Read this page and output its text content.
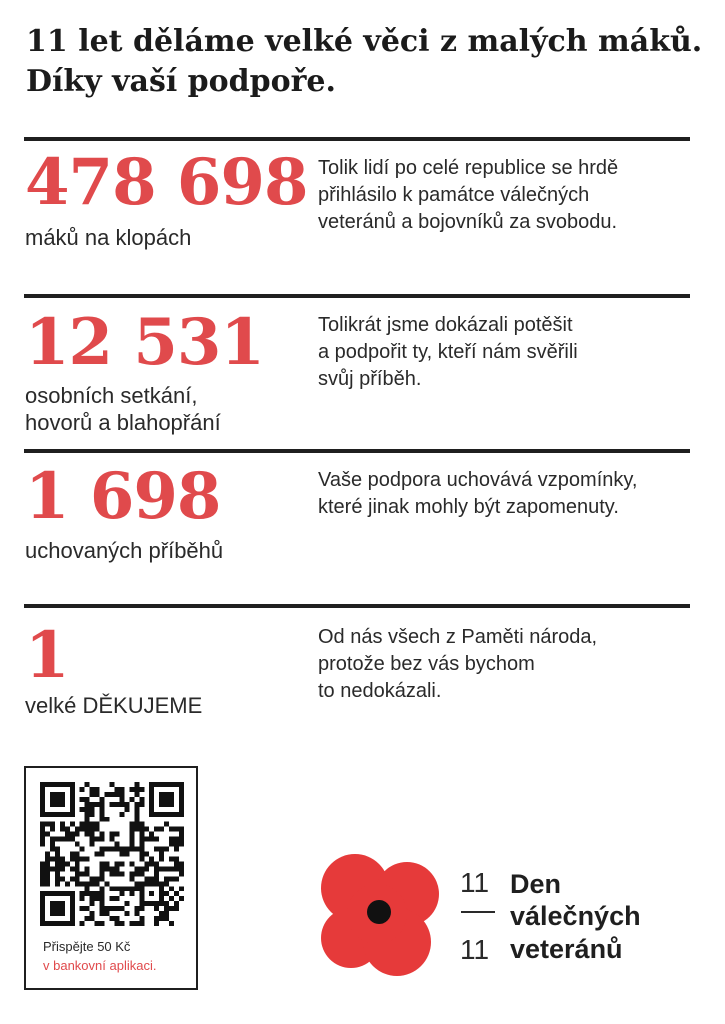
11 let děláme velké věci z malých máků.
Díky vaší podpoře.
478 698
máků na klopách
Tolik lidí po celé republice se hrdě
přihlásilo k památce válečných
veteránů a bojovníků za svobodu.
12 531
osobních setkání,
hovorů a blahopřání
Tolikrát jsme dokázali potěšit
a podpořit ty, kteří nám svěřili
svůj příběh.
1 698
uchovaných příběhů
Vaše podpora uchovává vzpomínky,
které jinak mohly být zapomenuty.
1
velké DĚKUJEME
Od nás všech z Paměti národa,
protože bez vás bychom
to nedokázali.
Přispějte 50 Kč
v bankovní aplikaci.
11
11
Den
válečných
veteránů
